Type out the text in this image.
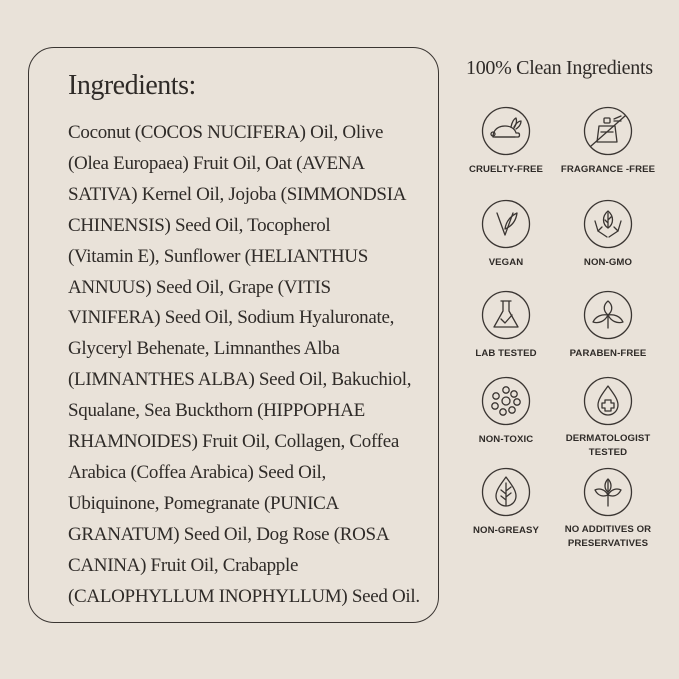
Ingredients:
Coconut (COCOS NUCIFERA) Oil, Olive
(Olea Europaea) Fruit Oil, Oat (AVENA
SATIVA) Kernel Oil, Jojoba (SIMMONDSIA
CHINENSIS) Seed Oil, Tocopherol
(Vitamin E), Sunflower (HELIANTHUS
ANNUUS) Seed Oil, Grape (VITIS
VINIFERA) Seed Oil, Sodium Hyaluronate,
Glyceryl Behenate, Limnanthes Alba
(LIMNANTHES ALBA) Seed Oil, Bakuchiol,
Squalane, Sea Buckthorn (HIPPOPHAE
RHAMNOIDES) Fruit Oil, Collagen, Coffea
Arabica (Coffea Arabica) Seed Oil,
Ubiquinone, Pomegranate (PUNICA
GRANATUM) Seed Oil, Dog Rose (ROSA
CANINA) Fruit Oil, Crabapple
(CALOPHYLLUM INOPHYLLUM) Seed Oil.
100% Clean Ingredients
CRUELTY-FREE	FRAGRANCE -FREE
VEGAN	NON-GMO
LAB TESTED	PARABEN-FREE
NON-TOXIC	DERMATOLOGIST
TESTED
NON-GREASY	NO ADDITIVES OR
PRESERVATIVES
